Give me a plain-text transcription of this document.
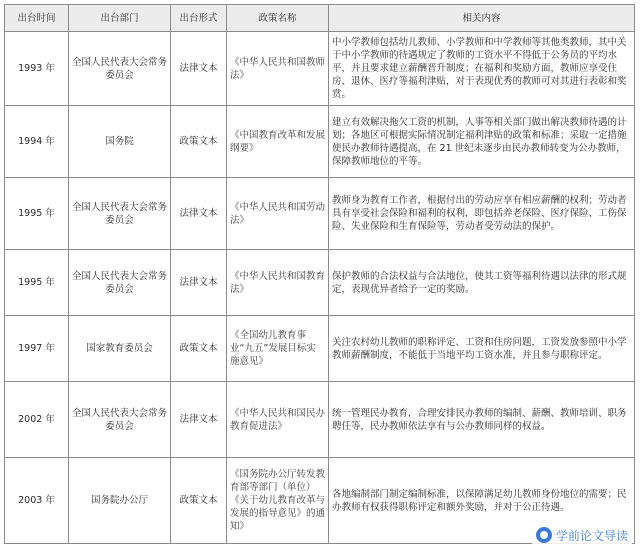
出台时间	出台部门	出台形式	政策名称	相关内容
1993 年	全国人民代表大会常务委员会	法律文本	《中华人民共和国教师法》	中小学教师包括幼儿教师、小学教师和中学教师等其他类教师，其中关于中小学教师的待遇规定了教师的工资水平不得低于公务员的平均水平，并且要求建立薪酬晋升制度；在福利和奖励方面，教师应享受住房、退休、医疗等福利津贴，对于表现优秀的教师可对其进行表彰和奖赏。
1994 年	国务院	政策文本	《中国教育改革和发展纲要》	建立有效解决拖欠工资的机制，人事等相关部门做出解决教师待遇的计划；各地区可根据实际情况制定福利津贴的政策和标准；采取一定措施使民办教师待遇提高，在 21 世纪末逐步由民办教师转变为公办教师，保障教师地位的平等。
1995 年	全国人民代表大会常务委员会	法律文本	《中华人民共和国劳动法》	教师身为教育工作者，根据付出的劳动应享有相应薪酬的权利；劳动者具有享受社会保险和福利的权利，即包括养老保险、医疗保险、工伤保险、失业保险和生育保险等，劳动者受劳动法的保护。
1995 年	全国人民代表大会常务委员会	法律文本	《中华人民共和国教育法》	保护教师的合法权益与合法地位，使其工资等福利待遇以法律的形式规定，表现优异者给予一定的奖励。
1997 年	国家教育委员会	政策文本	《全国幼儿教育事业“九五”发展目标实施意见》	关注农村幼儿教师的职称评定、工资和住房问题，工资发放参照中小学教师薪酬制度，不能低于当地平均工资水准，并且参与职称评定。
2002 年	全国人民代表大会常务委员会	法律文本	《中华人民共和国民办教育促进法》	统一管理民办教育，合理安排民办教师的编制、薪酬、教师培训、职务聘任等，民办教师依法享有与公办教师同样的权益。
2003 年	国务院办公厅	政策文本	《国务院办公厅转发教育部等部门（单位）《关于幼儿教育改革与发展的指导意见》的通知》	各地编制部门制定编制标准，以保障满足幼儿教师身份地位的需要；民办教师有权获得职称评定和额外奖励，并对于公正待遇。
学前论文导读
